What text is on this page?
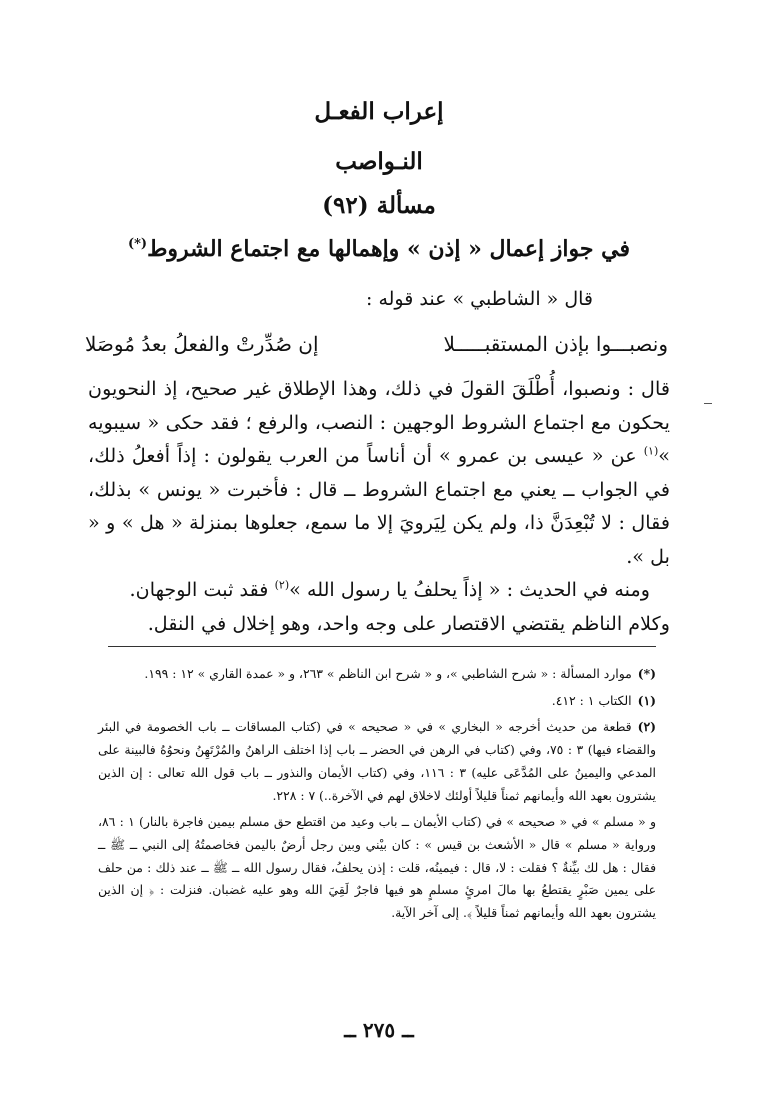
إعراب الفعـل
النـواصب
مسألة (٩٢)
في جواز إعمال « إذن » وإهمالها مع اجتماع الشروط(*)
قال « الشاطبي » عند قوله :
ونصبـــوا بإذن المستقبـــــلا
إن صُدِّرتْ والفعلُ بعدُ مُوصَلا

قال : ونصبوا، أُطْلَقَ القولَ في ذلك، وهذا الإطلاق غير صحيح، إذ النحويون يحكون مع اجتماع الشروط الوجهين : النصب، والرفع ؛ فقد حكى « سيبويه »$^{(١)}$ عن « عيسى بن عمرو » أن أناساً من العرب يقولون : إذاً أفعلُ ذلك، في الجواب ــ يعني مع اجتماع الشروط ــ قال : فأخبرت « يونس » بذلك، فقال : لا تُبْعِدَنَّ ذا، ولم يكن لِيَرويَ إلا ما سمع، جعلوها بمنزلة « هل » و « بل ».

ومنه في الحديث : « إذاً يحلفُ يا رسول الله »$^{(٢)}$ فقد ثبت الوجهان.

وكلام الناظم يقتضي الاقتصار على وجه واحد، وهو إخلال في النقل.

(*)موارد المسألة : « شرح الشاطبي »، و « شرح ابن الناظم » ٢٦٣، و « عمدة القاري » ١٢ : ١٩٩.

(١)الكتاب ١ : ٤١٢.

(٢)قطعة من حديث أخرجه « البخاري » في « صحيحه » في (كتاب المساقات ــ باب الخصومة في البئر والقضاء فيها) ٣ : ٧٥، وفي (كتاب في الرهن في الحضر ــ باب إذا اختلف الراهنُ والمُرْتَهِنُ ونحوُهُ فالبينة على المدعي واليمينُ على المُدَّعَى عليه) ٣ : ١١٦، وفي (كتاب الأيمان والنذور ــ باب قول الله تعالى : إن الذين يشترون بعهد الله وأيمانهم ثمناً قليلاً أولئك لاخلاق لهم في الآخرة..) ٧ : ٢٢٨.

و « مسلم » في « صحيحه » في (كتاب الأيمان ــ باب وعيد من اقتطع حق مسلم بيمين فاجرة بالنار) ١ : ٨٦، ورواية « مسلم » قال « الأشعث بن قيس » : كان بيْني وبين رجل أرضٌ باليمن فخاصمتُهُ إلى النبي ــ ﷺ ــ فقال : هل لك بيِّنةٌ ؟ فقلت : لا، قال : فيمينُه، قلت : إذن يحلفُ، فقال رسول الله ــ ﷺ ــ عند ذلك : من حلف على يمين صَبْرٍ يقتطعُ بها مالَ امرئٍ مسلمٍ هو فيها فاجرٌ لَقِيَ الله وهو عليه غضبان. فنزلت : ﴿ إن الذين يشترون بعهد الله وأيمانهم ثمناً قليلاً ﴾. إلى آخر الآية.

ــ ٢٧٥ ــ
